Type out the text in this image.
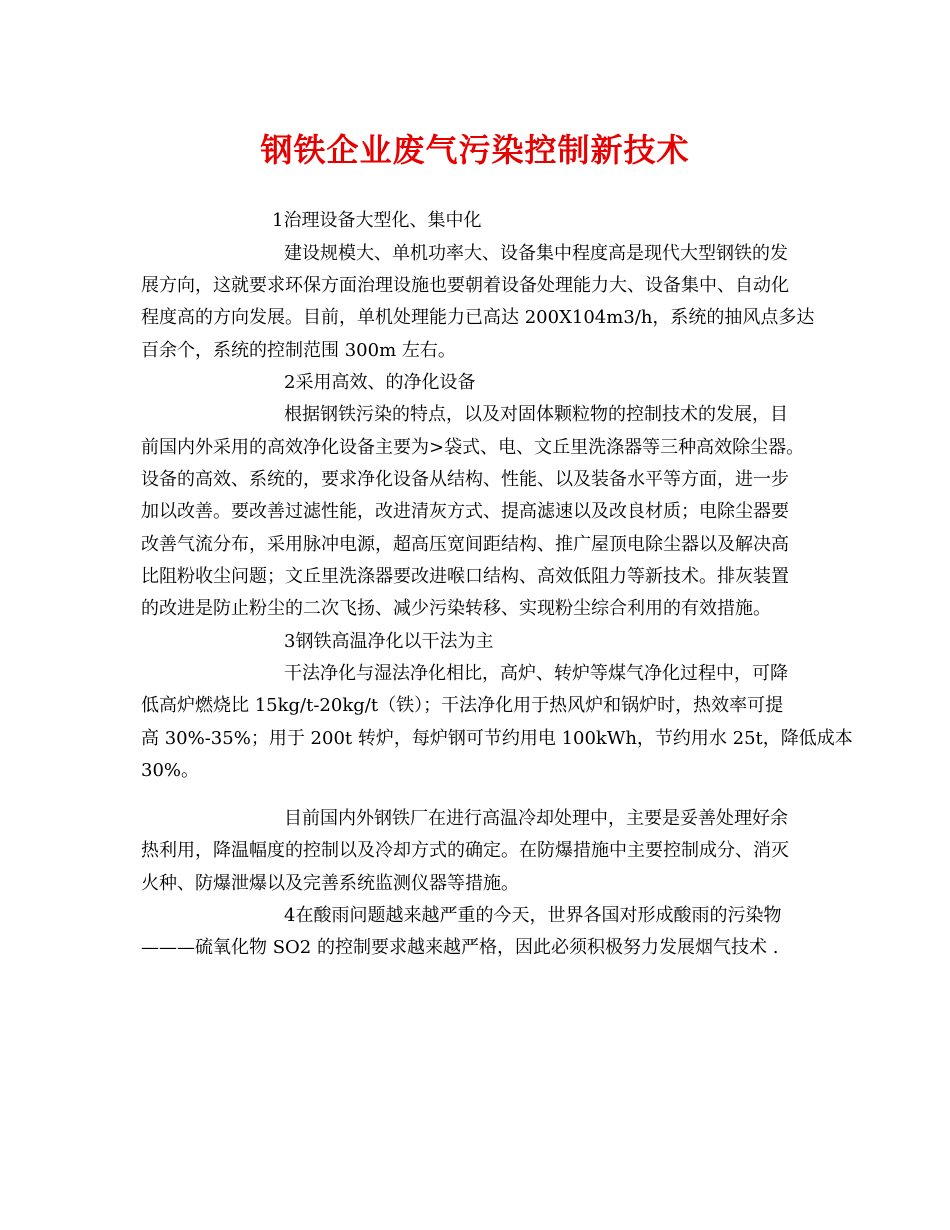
钢铁企业废气污染控制新技术
1治理设备大型化、集中化
建设规模大、单机功率大、设备集中程度高是现代大型钢铁的发
展方向，这就要求环保方面治理设施也要朝着设备处理能力大、设备集中、自动化
程度高的方向发展。目前，单机处理能力已高达 200X104m3/h，系统的抽风点多达
百余个，系统的控制范围 300m 左右。
2采用高效、的净化设备
根据钢铁污染的特点，以及对固体颗粒物的控制技术的发展，目
前国内外采用的高效净化设备主要为>袋式、电、文丘里洗涤器等三种高效除尘器。
设备的高效、系统的，要求净化设备从结构、性能、以及装备水平等方面，进一步
加以改善。要改善过滤性能，改进清灰方式、提高滤速以及改良材质；电除尘器要
改善气流分布，采用脉冲电源，超高压宽间距结构、推广屋顶电除尘器以及解决高
比阻粉收尘问题；文丘里洗涤器要改进喉口结构、高效低阻力等新技术。排灰装置
的改进是防止粉尘的二次飞扬、减少污染转移、实现粉尘综合利用的有效措施。
3钢铁高温净化以干法为主
干法净化与湿法净化相比，高炉、转炉等煤气净化过程中，可降
低高炉燃烧比 15kg/t-20kg/t（铁）；干法净化用于热风炉和锅炉时，热效率可提
高 30%-35%；用于 200t 转炉，每炉钢可节约用电 100kWh，节约用水 25t，降低成本
30%。
目前国内外钢铁厂在进行高温冷却处理中，主要是妥善处理好余
热利用，降温幅度的控制以及冷却方式的确定。在防爆措施中主要控制成分、消灭
火种、防爆泄爆以及完善系统监测仪器等措施。
4在酸雨问题越来越严重的今天，世界各国对形成酸雨的污染物
———硫氧化物 SO2 的控制要求越来越严格，因此必须积极努力发展烟气技术 .
